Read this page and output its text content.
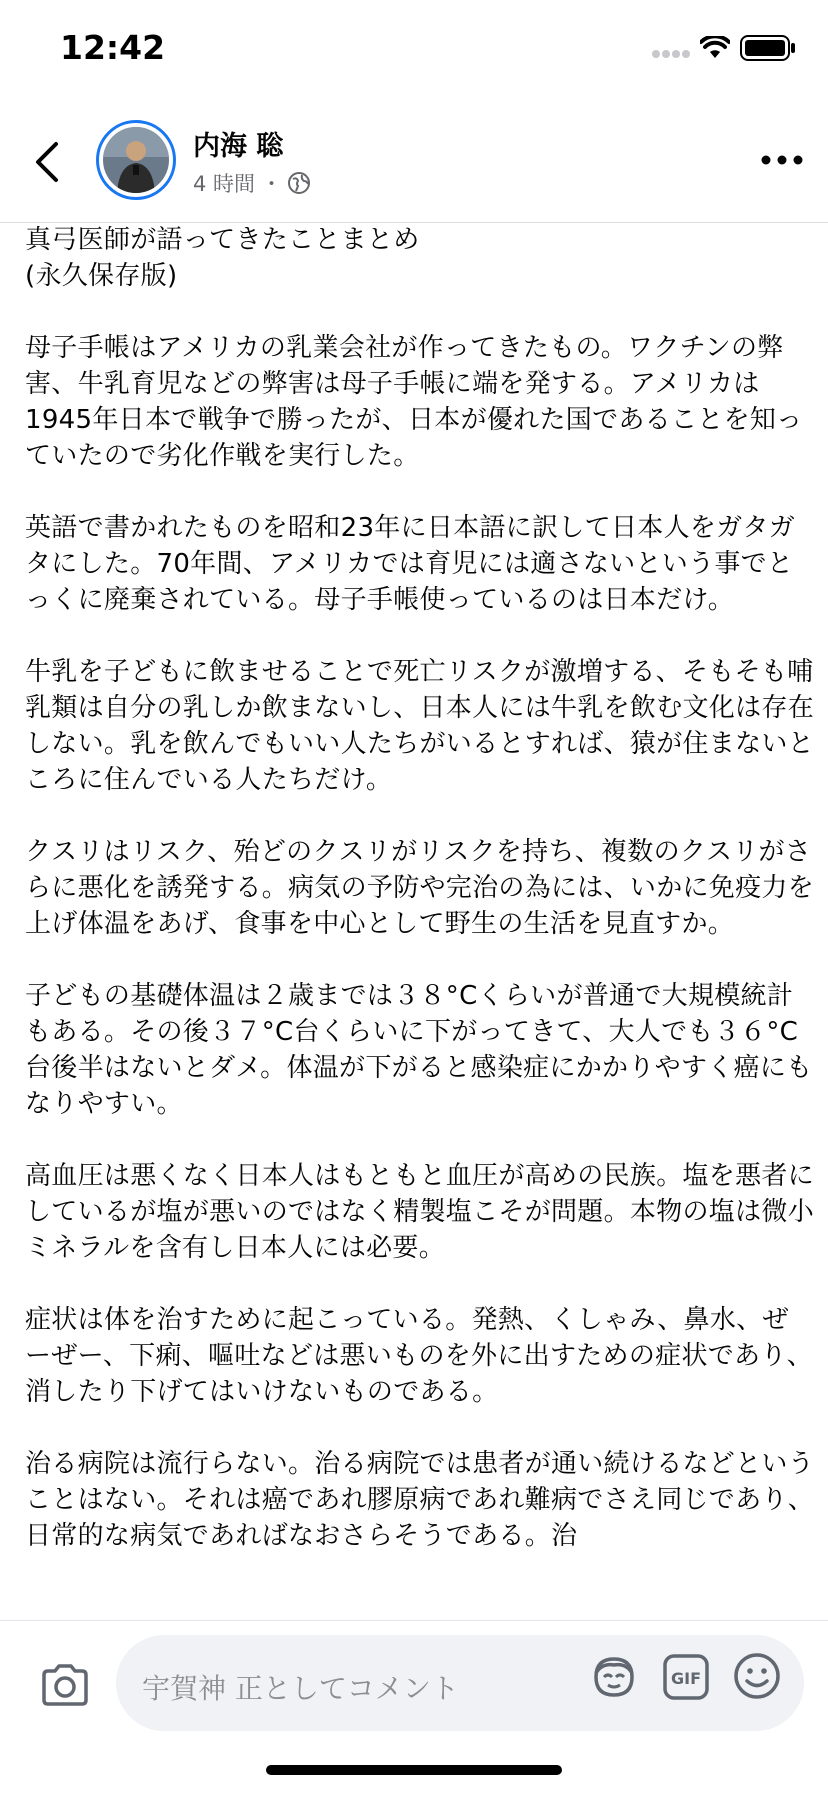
12:42
内海 聡
4 時間 ・

真弓医師が語ってきたことまとめ

(永久保存版)

母子手帳はアメリカの乳業会社が作ってきたもの。ワクチンの弊害、牛乳育児などの弊害は母子手帳に端を発する。アメリカは1945年日本で戦争で勝ったが、日本が優れた国であることを知っていたので劣化作戦を実行した。

英語で書かれたものを昭和23年に日本語に訳して日本人をガタガタにした。70年間、アメリカでは育児には適さないという事でとっくに廃棄されている。母子手帳使っているのは日本だけ。

牛乳を子どもに飲ませることで死亡リスクが激増する、そもそも哺乳類は自分の乳しか飲まないし、日本人には牛乳を飲む文化は存在しない。乳を飲んでもいい人たちがいるとすれば、猿が住まないところに住んでいる人たちだけ。

クスリはリスク、殆どのクスリがリスクを持ち、複数のクスリがさらに悪化を誘発する。病気の予防や完治の為には、いかに免疫力を上げ体温をあげ、食事を中心として野生の生活を見直すか。

子どもの基礎体温は２歳までは３８°Cくらいが普通で大規模統計もある。その後３７°C台くらいに下がってきて、大人でも３６°C台後半はないとダメ。体温が下がると感染症にかかりやすく癌にもなりやすい。

高血圧は悪くなく日本人はもともと血圧が高めの民族。塩を悪者にしているが塩が悪いのではなく精製塩こそが問題。本物の塩は微小ミネラルを含有し日本人には必要。

症状は体を治すために起こっている。発熱、くしゃみ、鼻水、ぜーぜー、下痢、嘔吐などは悪いものを外に出すための症状であり、消したり下げてはいけないものである。

治る病院は流行らない。治る病院では患者が通い続けるなどということはない。それは癌であれ膠原病であれ難病でさえ同じであり、日常的な病気であればなおさらそうである。治

宇賀神 正としてコメント	GIF
